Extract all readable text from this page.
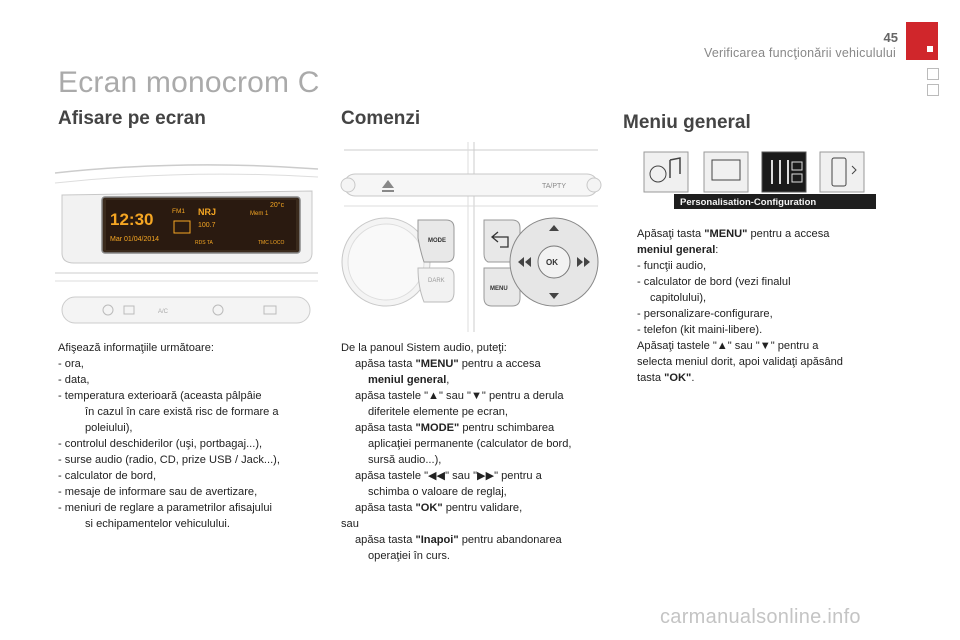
45
Verificarea funcţionării vehiculului
Ecran monocrom C
Afisare pe ecran	Comenzi	Meniu general
12:30
Mar 01/04/2014
FM1 NRJ
20°c
Mem 1
100.7
RDS TA	TMC LOCO
A/C
Afişează informaţiile următoare:
- ora,
- data,
- temperatura exterioară (aceasta pâlpâie
în cazul în care există risc de formare a
poleiului),
- controlul deschiderilor (uşi, portbagaj...),
- surse audio (radio, CD, prize USB / Jack...),
- calculator de bord,
- mesaje de informare sau de avertizare,
- meniuri de reglare a parametrilor afisajului
si echipamentelor vehiculului.
TA/PTY
MODE
DARK
MENU
OK
De la panoul Sistem audio, puteţi:
apăsa tasta "MENU" pentru a accesa
meniul general,
apăsa tastele "▲" sau "▼" pentru a derula
diferitele elemente pe ecran,
apăsa tasta "MODE" pentru schimbarea
aplicaţiei permanente (calculator de bord,
sursă audio...),
apăsa tastele "◀◀" sau "▶▶" pentru a
schimba o valoare de reglaj,
apăsa tasta "OK" pentru validare,
sau
apăsa tasta "Inapoi" pentru abandonarea
operaţiei în curs.
Personalisation-Configuration
Apăsaţi tasta "MENU" pentru a accesa
meniul general:
- funcţii audio,
- calculator de bord (vezi finalul
capitolului),
- personalizare-configurare,
- telefon (kit maini-libere).
Apăsaţi tastele "▲" sau "▼" pentru a
selecta meniul dorit, apoi validaţi apăsând
tasta "OK".
carmanualsonline.info
